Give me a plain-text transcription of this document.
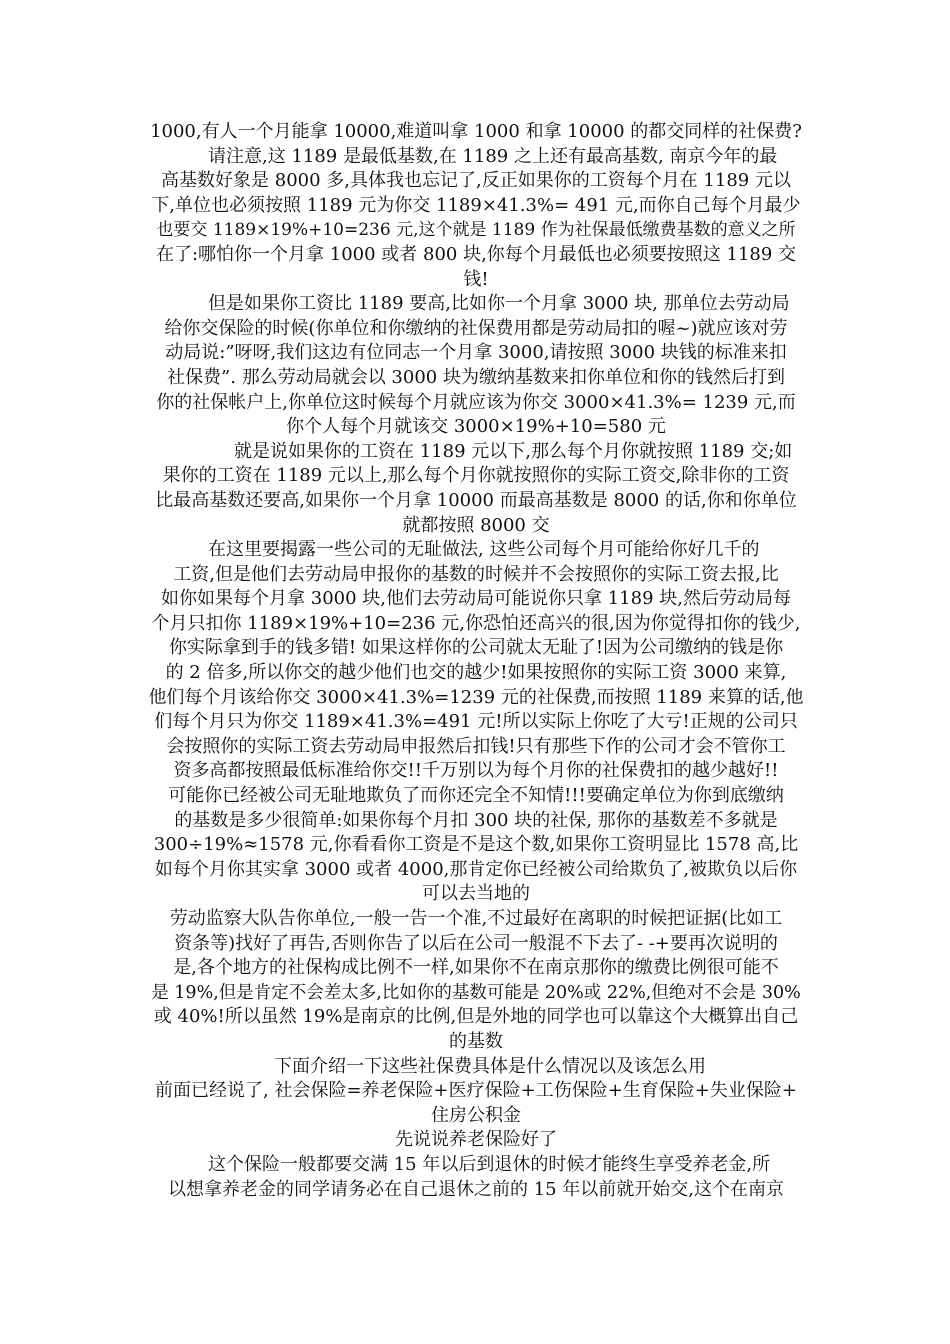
1000,有人一个月能拿 10000,难道叫拿 1000 和拿 10000 的都交同样的社保费?
请注意,这 1189 是最低基数,在 1189 之上还有最高基数, 南京今年的最
高基数好象是 8000 多,具体我也忘记了,反正如果你的工资每个月在 1189 元以
下,单位也必须按照 1189 元为你交 1189×41.3%= 491 元,而你自己每个月最少
也要交 1189×19%+10=236 元,这个就是 1189 作为社保最低缴费基数的意义之所
在了:哪怕你一个月拿 1000 或者 800 块,你每个月最低也必须要按照这 1189 交
钱!
但是如果你工资比 1189 要高,比如你一个月拿 3000 块, 那单位去劳动局
给你交保险的时候(你单位和你缴纳的社保费用都是劳动局扣的喔~)就应该对劳
动局说:”呀呀,我们这边有位同志一个月拿 3000,请按照 3000 块钱的标准来扣
社保费”. 那么劳动局就会以 3000 块为缴纳基数来扣你单位和你的钱然后打到
你的社保帐户上,你单位这时候每个月就应该为你交 3000×41.3%= 1239 元,而
你个人每个月就该交 3000×19%+10=580 元
就是说如果你的工资在 1189 元以下,那么每个月你就按照 1189 交;如
果你的工资在 1189 元以上,那么每个月你就按照你的实际工资交,除非你的工资
比最高基数还要高,如果你一个月拿 10000 而最高基数是 8000 的话,你和你单位
就都按照 8000 交
在这里要揭露一些公司的无耻做法, 这些公司每个月可能给你好几千的
工资,但是他们去劳动局申报你的基数的时候并不会按照你的实际工资去报,比
如你如果每个月拿 3000 块,他们去劳动局可能说你只拿 1189 块,然后劳动局每
个月只扣你 1189×19%+10=236 元,你恐怕还高兴的很,因为你觉得扣你的钱少,
你实际拿到手的钱多错! 如果这样你的公司就太无耻了!因为公司缴纳的钱是你
的 2 倍多,所以你交的越少他们也交的越少!如果按照你的实际工资 3000 来算,
他们每个月该给你交 3000×41.3%=1239 元的社保费,而按照 1189 来算的话,他
们每个月只为你交 1189×41.3%=491 元!所以实际上你吃了大亏!正规的公司只
会按照你的实际工资去劳动局申报然后扣钱!只有那些下作的公司才会不管你工
资多高都按照最低标准给你交!!千万别以为每个月你的社保费扣的越少越好!!
可能你已经被公司无耻地欺负了而你还完全不知情!!!要确定单位为你到底缴纳
的基数是多少很简单:如果你每个月扣 300 块的社保, 那你的基数差不多就是
300÷19%≈1578 元,你看看你工资是不是这个数,如果你工资明显比 1578 高,比
如每个月你其实拿 3000 或者 4000,那肯定你已经被公司给欺负了,被欺负以后你
可以去当地的
劳动监察大队告你单位,一般一告一个准,不过最好在离职的时候把证据(比如工
资条等)找好了再告,否则你告了以后在公司一般混不下去了- -+要再次说明的
是,各个地方的社保构成比例不一样,如果你不在南京那你的缴费比例很可能不
是 19%,但是肯定不会差太多,比如你的基数可能是 20%或 22%,但绝对不会是 30%
或 40%!所以虽然 19%是南京的比例,但是外地的同学也可以靠这个大概算出自己
的基数
下面介绍一下这些社保费具体是什么情况以及该怎么用
前面已经说了, 社会保险=养老保险+医疗保险+工伤保险+生育保险+失业保险+
住房公积金
先说说养老保险好了
这个保险一般都要交满 15 年以后到退休的时候才能终生享受养老金,所
以想拿养老金的同学请务必在自己退休之前的 15 年以前就开始交,这个在南京
